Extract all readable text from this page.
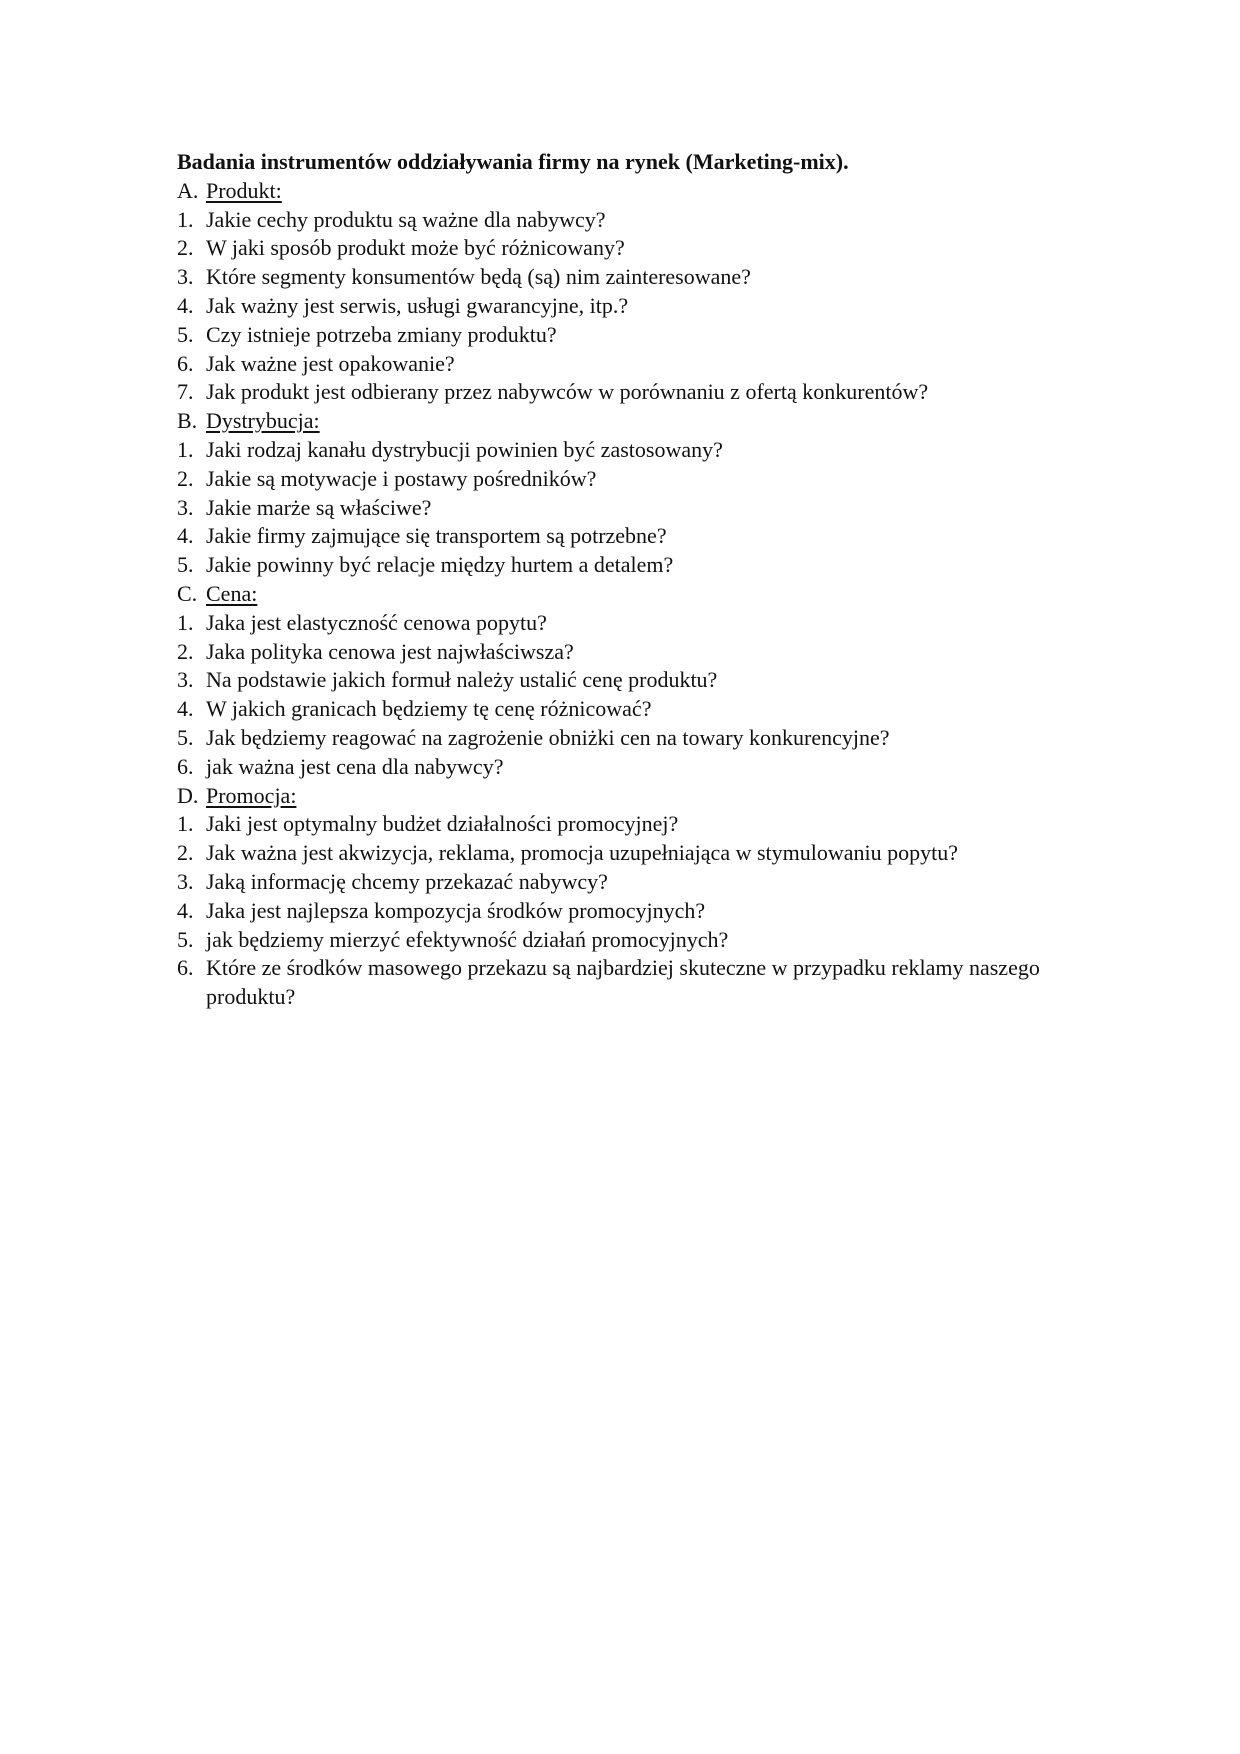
Badania instrumentów oddziaływania firmy na rynek (Marketing-mix).
A. Produkt:
1. Jakie cechy produktu są ważne dla nabywcy?
2. W jaki sposób produkt może być różnicowany?
3. Które segmenty konsumentów będą (są) nim zainteresowane?
4. Jak ważny jest serwis, usługi gwarancyjne, itp.?
5. Czy istnieje potrzeba zmiany produktu?
6. Jak ważne jest opakowanie?
7. Jak produkt jest odbierany przez nabywców w porównaniu z ofertą konkurentów?
B. Dystrybucja:
1. Jaki rodzaj kanału dystrybucji powinien być zastosowany?
2. Jakie są motywacje i postawy pośredników?
3. Jakie marże są właściwe?
4. Jakie firmy zajmujące się transportem są potrzebne?
5. Jakie powinny być relacje między hurtem a detalem?
C. Cena:
1. Jaka jest elastyczność cenowa popytu?
2. Jaka polityka cenowa jest najwłaściwsza?
3. Na podstawie jakich formuł należy ustalić cenę produktu?
4. W jakich granicach będziemy tę cenę różnicować?
5. Jak będziemy reagować na zagrożenie obniżki cen na towary konkurencyjne?
6. jak ważna jest cena dla nabywcy?
D. Promocja:
1. Jaki jest optymalny budżet działalności promocyjnej?
2. Jak ważna jest akwizycja, reklama, promocja uzupełniająca w stymulowaniu popytu?
3. Jaką informację chcemy przekazać nabywcy?
4. Jaka jest najlepsza kompozycja środków promocyjnych?
5. jak będziemy mierzyć efektywność działań promocyjnych?
6. Które ze środków masowego przekazu są najbardziej skuteczne w przypadku reklamy naszego produktu?
